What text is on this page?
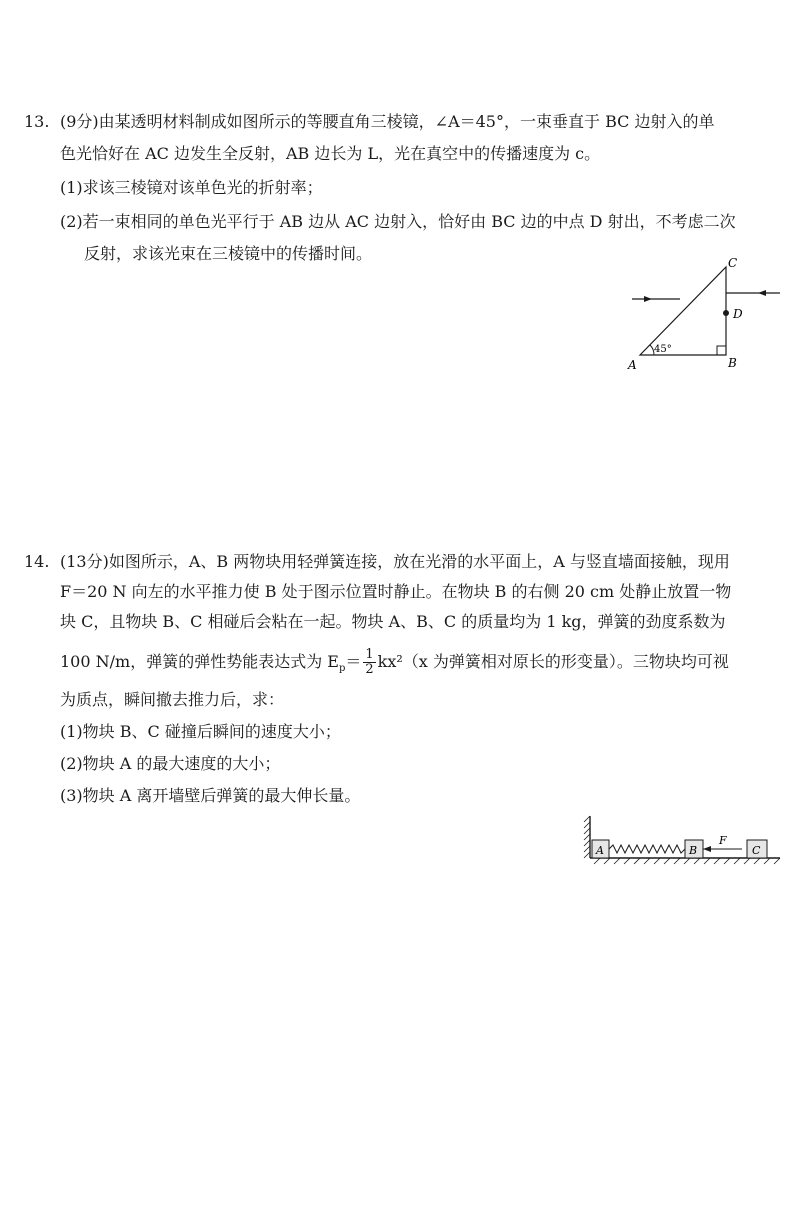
13. (9分)由某透明材料制成如图所示的等腰直角三棱镜，∠A＝45°，一束垂直于 BC 边射入的单
色光恰好在 AC 边发生全反射，AB 边长为 L，光在真空中的传播速度为 c。
(1)求该三棱镜对该单色光的折射率；
(2)若一束相同的单色光平行于 AB 边从 AC 边射入，恰好由 BC 边的中点 D 射出，不考虑二次
反射，求该光束在三棱镜中的传播时间。	C
D
B
A
45°
14. (13分)如图所示，A、B 两物块用轻弹簧连接，放在光滑的水平面上，A 与竖直墙面接触，现用
F＝20 N 向左的水平推力使 B 处于图示位置时静止。在物块 B 的右侧 20 cm 处静止放置一物
块 C，且物块 B、C 相碰后会粘在一起。物块 A、B、C 的质量均为 1 kg，弹簧的劲度系数为
100 N/m，弹簧的弹性势能表达式为 $E_p= \frac{1}{2} kx^2(x$ 为弹簧相对原长的形变量）。三物块均可视
为质点，瞬间撤去推力后，求：
(1)物块 B、C 碰撞后瞬间的速度大小；
(2)物块 A 的最大速度的大小；
(3)物块 A 离开墙壁后弹簧的最大伸长量。
A	B
F
C
